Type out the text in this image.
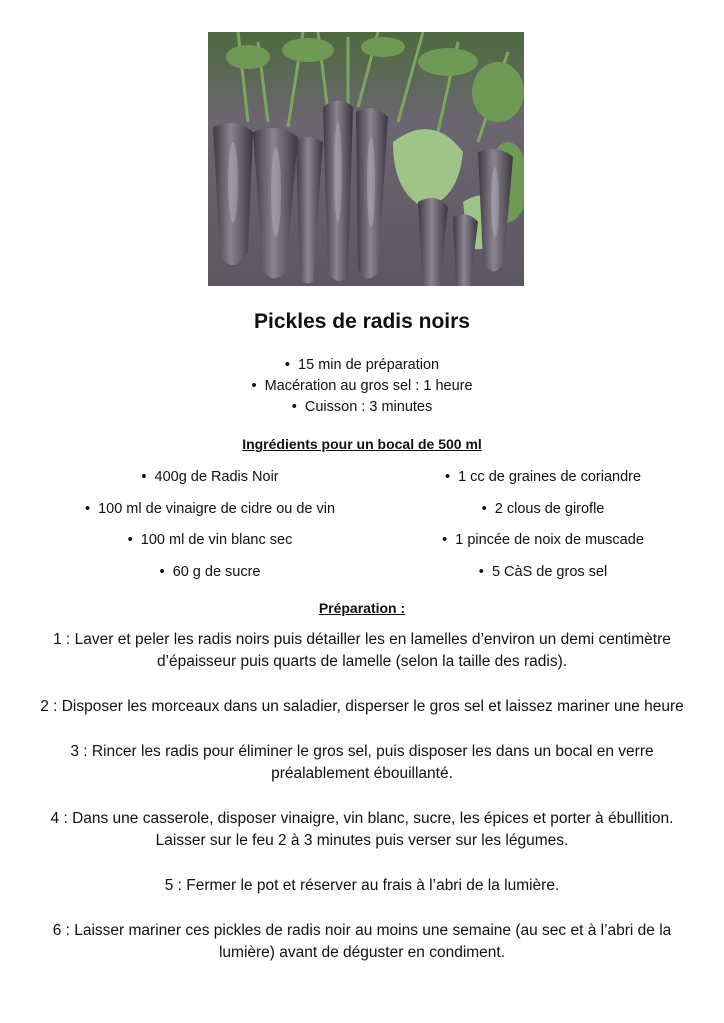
Pickles de radis noirs
•  15 min de préparation
•  Macération au gros sel : 1 heure
•  Cuisson : 3 minutes

Ingrédients pour un bocal de 500 ml

•  400g de Radis Noir
•  100 ml de vinaigre de cidre ou de vin
•  100 ml de vin blanc sec
•  60 g de sucre
•  1 cc de graines de coriandre
•  2 clous de girofle
•  1 pincée de noix de muscade
•  5 CàS de gros sel

Préparation :

1 : Laver et peler les radis noirs puis détailler les en lamelles d’environ un demi centimètre d’épaisseur puis quarts de lamelle (selon la taille des radis).
2 : Disposer les morceaux dans un saladier, disperser le gros sel et laissez mariner une heure
3 : Rincer les radis pour éliminer le gros sel, puis disposer les dans un bocal en verre préalablement ébouillanté.
4 : Dans une casserole, disposer vinaigre, vin blanc, sucre, les épices et porter à ébullition. Laisser sur le feu 2 à 3 minutes puis verser sur les légumes.
5 : Fermer le pot et réserver au frais à l’abri de la lumière.
6 : Laisser mariner ces pickles de radis noir au moins une semaine (au sec et à l’abri de la lumière) avant de déguster en condiment.
